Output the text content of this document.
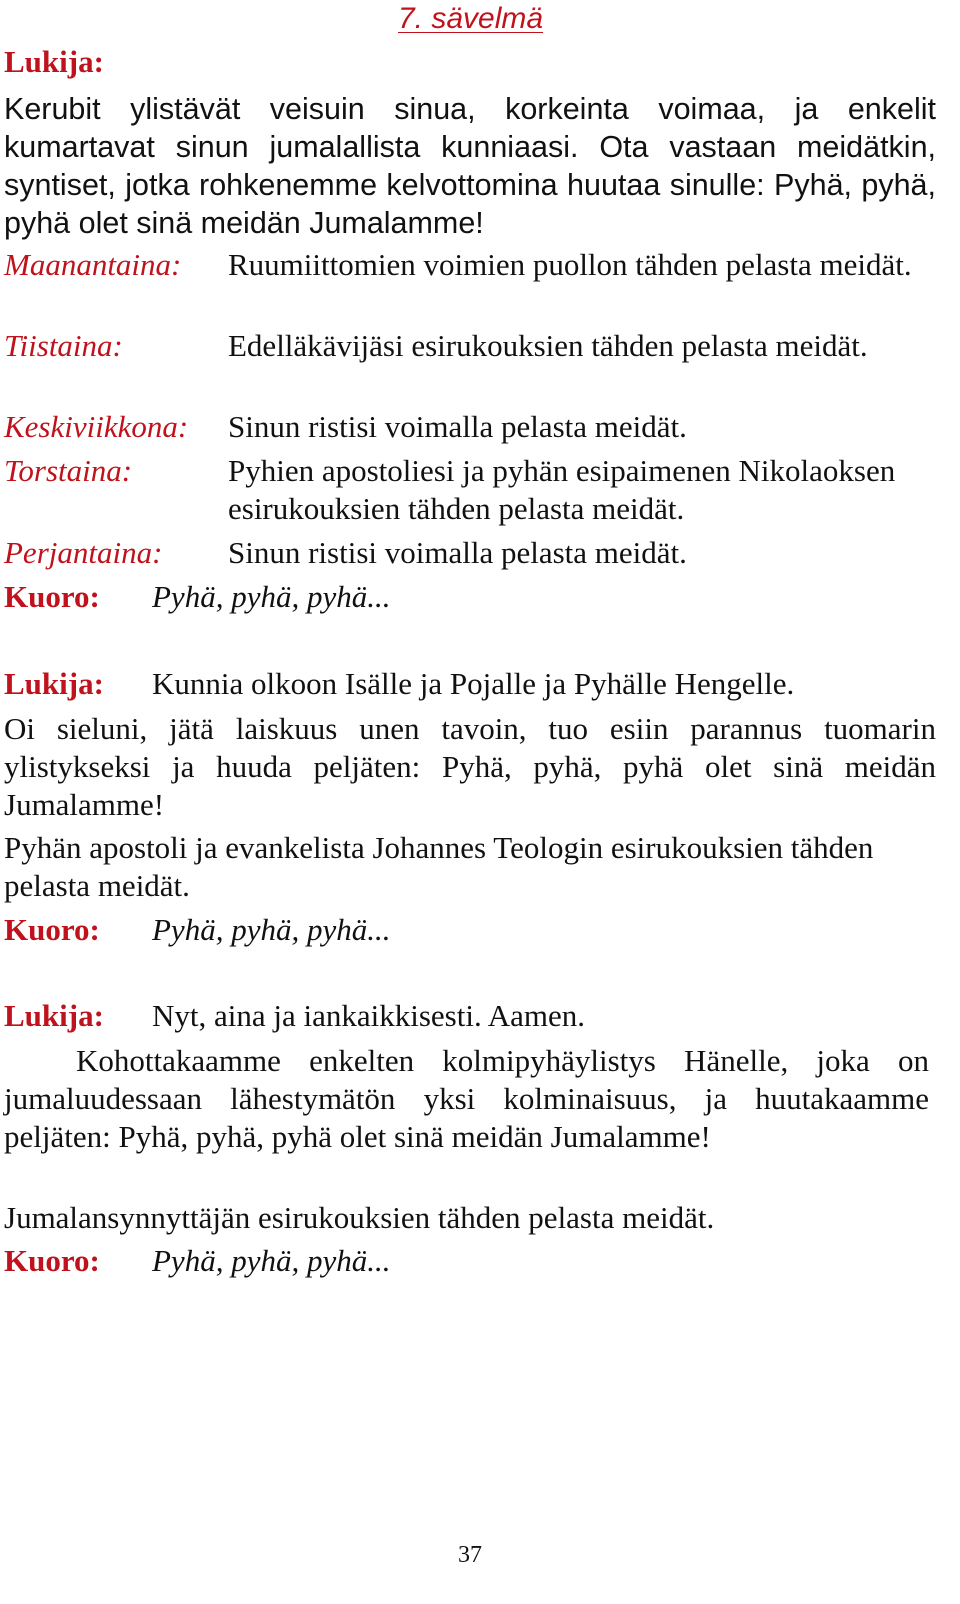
7. sävelmä
Lukija:
Kerubit ylistävät veisuin sinua, korkeinta voimaa, ja enkelit kumartavat sinun jumalallista kunniaasi. Ota vastaan meidätkin, syntiset, jotka rohkenemme kelvottomina huutaa sinulle: Pyhä, pyhä, pyhä olet sinä meidän Jumalamme!
Maanantaina: Ruumiittomien voimien puollon tähden pelasta meidät.
Tiistaina:	Edelläkävijäsi esirukouksien tähden pelasta meidät.
Keskiviikkona: Sinun ristisi voimalla pelasta meidät.
Torstaina:	Pyhien apostoliesi ja pyhän esipaimenen Nikolaoksen esirukouksien tähden pelasta meidät.
Perjantaina: Sinun ristisi voimalla pelasta meidät.
Kuoro: Pyhä, pyhä, pyhä...
Lukija: Kunnia olkoon Isälle ja Pojalle ja Pyhälle Hengelle.
Oi sieluni, jätä laiskuus unen tavoin, tuo esiin parannus tuomarin ylistykseksi ja huuda peljäten: Pyhä, pyhä, pyhä olet sinä meidän Jumalamme!
Pyhän apostoli ja evankelista Johannes Teologin esirukouksien tähden pelasta meidät.
Kuoro: Pyhä, pyhä, pyhä...
Lukija: Nyt, aina ja iankaikkisesti. Aamen.
Kohottakaamme enkelten kolmipyhäylistys Hänelle, joka on jumaluudessaan lähestymätön yksi kolminaisuus, ja huutakaamme peljäten: Pyhä, pyhä, pyhä olet sinä meidän Jumalamme!
Jumalansynnyttäjän esirukouksien tähden pelasta meidät.
Kuoro: Pyhä, pyhä, pyhä...
37
